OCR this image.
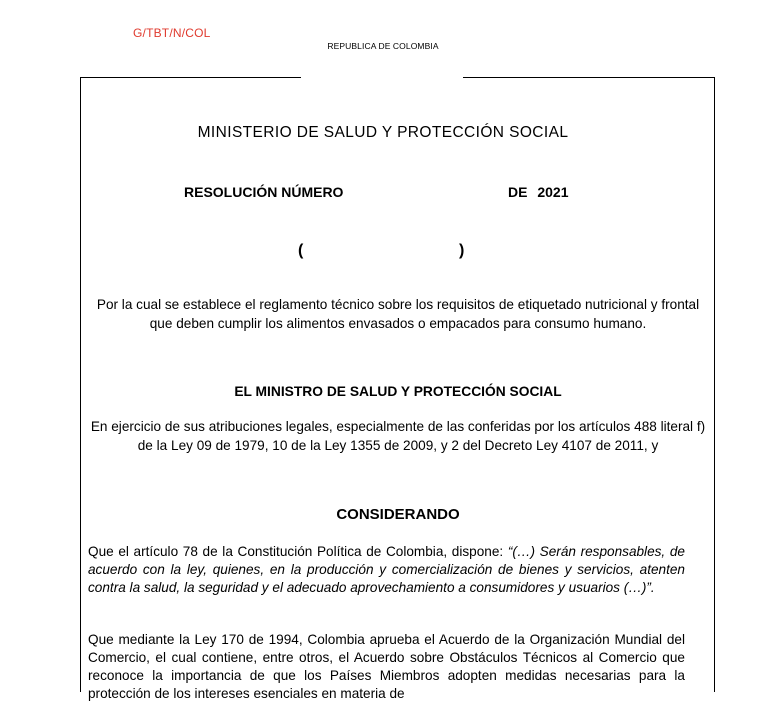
G/TBT/N/COL
REPUBLICA DE COLOMBIA
MINISTERIO DE SALUD Y PROTECCIÓN SOCIAL
RESOLUCIÓN NÚMERO	DE 2021
(	)
Por la cual se establece el reglamento técnico sobre los requisitos de etiquetado nutricional y frontal que deben cumplir los alimentos envasados o empacados para consumo humano.
EL MINISTRO DE SALUD Y PROTECCIÓN SOCIAL
En ejercicio de sus atribuciones legales, especialmente de las conferidas por los artículos 488 literal f) de la Ley 09 de 1979, 10 de la Ley 1355 de 2009, y 2 del Decreto Ley 4107 de 2011, y
CONSIDERANDO
Que el artículo 78 de la Constitución Política de Colombia, dispone: “(…) Serán responsables, de acuerdo con la ley, quienes, en la producción y comercialización de bienes y servicios, atenten contra la salud, la seguridad y el adecuado aprovechamiento a consumidores y usuarios (…)”.
Que mediante la Ley 170 de 1994, Colombia aprueba el Acuerdo de la Organización Mundial del Comercio, el cual contiene, entre otros, el Acuerdo sobre Obstáculos Técnicos al Comercio que reconoce la importancia de que los Países Miembros adopten medidas necesarias para la protección de los intereses esenciales en materia de
